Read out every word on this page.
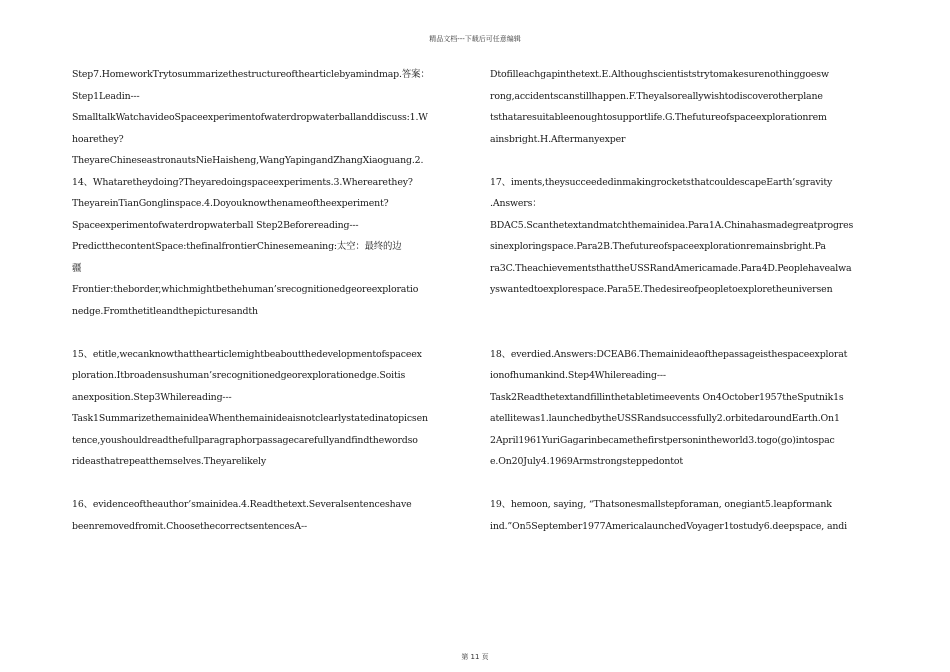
精品文档---下载后可任意编辑
Step7.HomeworkTrytosummarizethestructureofthearticlebyamindmap.答案：
Step1Leadin---
SmalltalkWatchavideoSpaceexperimentofwaterdropwaterballanddiscuss:1.W
hoarethey?
TheyareChineseastronautsNieHaisheng,WangYapingandZhangXiaoguang.2.
14、Whataretheydoing?Theyaredoingspaceexperiments.3.Wherearethey?
TheyareinTianGonglinspace.4.Doyouknowthenameoftheexperiment?
Spaceexperimentofwaterdropwaterball Step2Beforereading---
PredictthecontentSpace:thefinalfrontierChinesemeaning:太空：最终的边
疆
Frontier:theborder,whichmightbethehuman’srecognitionedgeoreexploratio
nedge.Fromthetitleandthepicturesandth
15、etitle,wecanknowthatthearticlemightbeaboutthedevelopmentofspaceex
ploration.Itbroadensushuman’srecognitionedgeorexplorationedge.Soitis
anexposition.Step3Whilereading---
Task1SummarizethemainideaWhenthemainideaisnotclearlystatedinatopicsen
tence,youshouldreadthefullparagraphorpassagecarefullyandfindthewordso
rideasthatrepeatthemselves.Theyarelikely
16、evidenceoftheauthor’smainidea.4.Readthetext.Severalsentenceshave
beenremovedfromit.ChoosethecorrectsentencesA--
Dtofilleachgapinthetext.E.Althoughscientiststrytomakesurenothinggoesw
rong,accidentscanstillhappen.F.Theyalsoreallywishtodiscoverotherplane
tsthataresuitableenoughtosupportlife.G.Thefutureofspaceexplorationrem
ainsbright.H.Aftermanyexper
17、iments,theysucceededinmakingrocketsthatcouldescapeEarth’sgravity
.Answers：
BDAC5.Scanthetextandmatchthemainidea.Para1A.Chinahasmadegreatprogres
sinexploringspace.Para2B.Thefutureofspaceexplorationremainsbright.Pa
ra3C.TheachievementsthattheUSSRandAmericamade.Para4D.Peoplehavealwa
yswantedtoexplorespace.Para5E.Thedesireofpeopletoexploretheuniversen
18、everdied.Answers:DCEAB6.Themainideaofthepassageisthespaceexplorat
ionofhumankind.Step4Whilereading---
Task2Readthetextandfillinthetabletimeevents On4October1957theSputnik1s
atellitewas1.launchedbytheUSSRandsuccessfully2.orbitedaroundEarth.On1
2April1961YuriGagarinbecamethefirstpersonintheworld3.togo(go)intospac
e.On20July4.1969Armstrongsteppedontot
19、hemoon, saying, “Thatsonesmallstepforaman, onegiant5.leapformank
ind.”On5September1977AmericalaunchedVoyager1tostudy6.deepspace, andi
第 11 页
